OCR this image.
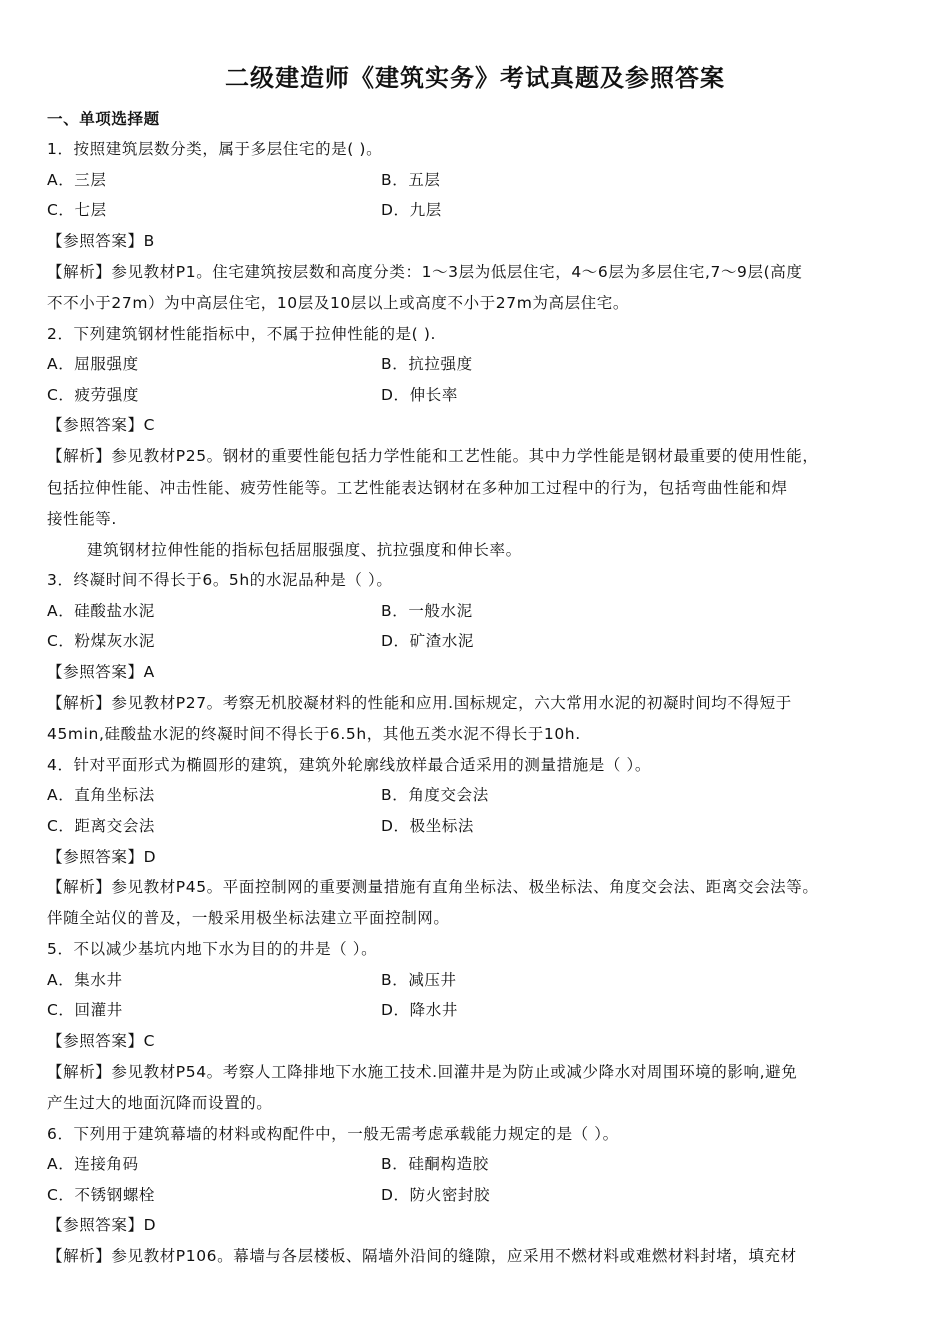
二级建造师《建筑实务》考试真题及参照答案
一、单项选择题
1．按照建筑层数分类，属于多层住宅的是( )。
A．三层	B．五层
C．七层	D．九层
【参照答案】B
【解析】参见教材P1。住宅建筑按层数和高度分类：1～3层为低层住宅，4～6层为多层住宅,7～9层(高度
不不小于27m）为中高层住宅，10层及10层以上或高度不小于27m为高层住宅。
2．下列建筑钢材性能指标中，不属于拉伸性能的是( ).
A．屈服强度	B．抗拉强度
C．疲劳强度	D．伸长率
【参照答案】C
【解析】参见教材P25。钢材的重要性能包括力学性能和工艺性能。其中力学性能是钢材最重要的使用性能，
包括拉伸性能、冲击性能、疲劳性能等。工艺性能表达钢材在多种加工过程中的行为，包括弯曲性能和焊
接性能等.
建筑钢材拉伸性能的指标包括屈服强度、抗拉强度和伸长率。
3．终凝时间不得长于6。5h的水泥品种是（ ）。
A．硅酸盐水泥	B．一般水泥
C．粉煤灰水泥	D．矿渣水泥
【参照答案】A
【解析】参见教材P27。考察无机胶凝材料的性能和应用.国标规定，六大常用水泥的初凝时间均不得短于
45min,硅酸盐水泥的终凝时间不得长于6.5h，其他五类水泥不得长于10h.
4．针对平面形式为椭圆形的建筑，建筑外轮廓线放样最合适采用的测量措施是（ ）。
A．直角坐标法	B．角度交会法
C．距离交会法	D．极坐标法
【参照答案】D
【解析】参见教材P45。平面控制网的重要测量措施有直角坐标法、极坐标法、角度交会法、距离交会法等。
伴随全站仪的普及，一般采用极坐标法建立平面控制网。
5．不以减少基坑内地下水为目的的井是（ ）。
A．集水井	B．减压井
C．回灌井	D．降水井
【参照答案】C
【解析】参见教材P54。考察人工降排地下水施工技术.回灌井是为防止或减少降水对周围环境的影响,避免
产生过大的地面沉降而设置的。
6．下列用于建筑幕墙的材料或构配件中，一般无需考虑承载能力规定的是（ ）。
A．连接角码	B．硅酮构造胶
C．不锈钢螺栓	D．防火密封胶
【参照答案】D
【解析】参见教材P106。幕墙与各层楼板、隔墙外沿间的缝隙，应采用不燃材料或难燃材料封堵，填充材
